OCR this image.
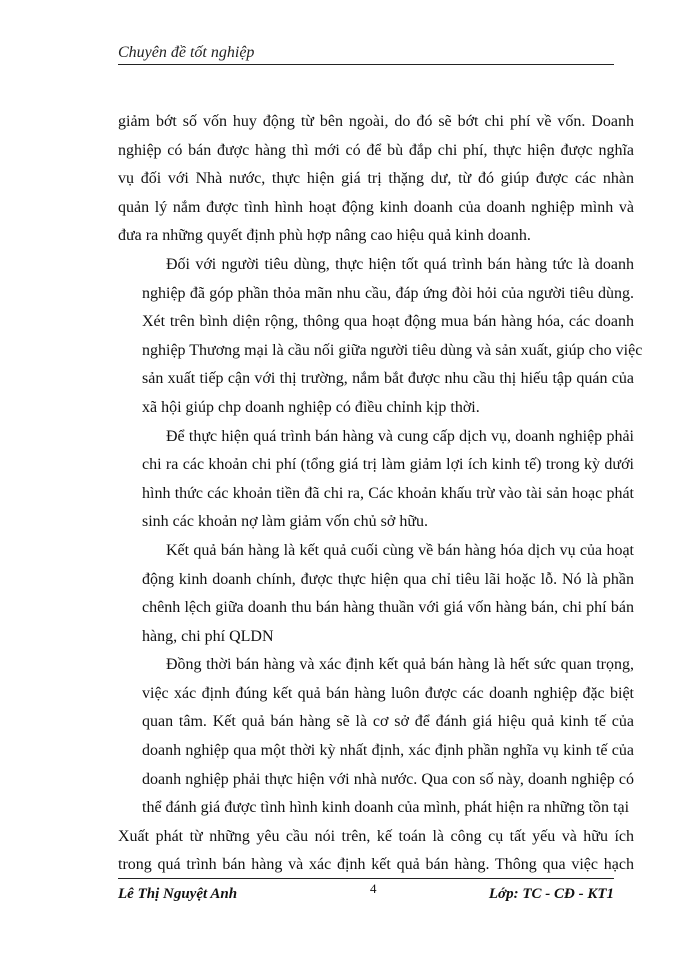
Chuyên đề tốt nghiệp

giảm bớt số vốn huy động từ bên ngoài, do đó sẽ bớt chi phí về vốn. Doanh
nghiệp có bán được hàng thì mới có để bù đắp chi phí, thực hiện được nghĩa
vụ đối với Nhà nước, thực hiện giá trị thặng dư, từ đó giúp được các nhàn
quản lý nắm được tình hình hoạt động kinh doanh của doanh nghiệp mình và
đưa ra những quyết định phù hợp nâng cao hiệu quả kinh doanh.

Đối với người tiêu dùng, thực hiện tốt quá trình bán hàng tức là doanh
nghiệp đã góp phần thỏa mãn nhu cầu, đáp ứng đòi hỏi của người tiêu dùng.
Xét trên bình diện rộng, thông qua hoạt động mua bán hàng hóa, các doanh
nghiệp Thương mại là cầu nối giữa người tiêu dùng và sản xuất, giúp cho việc
sản xuất tiếp cận với thị trường, nắm bắt được nhu cầu thị hiếu tập quán của
xã hội giúp chp doanh nghiệp có điều chỉnh kịp thời.

Để thực hiện quá trình bán hàng và cung cấp dịch vụ, doanh nghiệp phải
chi ra các khoản chi phí (tổng giá trị làm giảm lợi ích kinh tế) trong kỳ dưới
hình thức các khoản tiền đã chi ra, Các khoản khấu trừ vào tài sản hoạc phát
sinh các khoản nợ làm giảm vốn chủ sở hữu.

Kết quả bán hàng là kết quả cuối cùng về bán hàng hóa dịch vụ của hoạt
động kinh doanh chính, được thực hiện qua chỉ tiêu lãi hoặc lỗ. Nó là phần
chênh lệch giữa doanh thu bán hàng thuần với giá vốn hàng bán, chi phí bán
hàng, chi phí QLDN

Đồng thời bán hàng và xác định kết quả bán hàng là hết sức quan trọng,
việc xác định đúng kết quả bán hàng luôn được các doanh nghiệp đặc biệt
quan tâm. Kết quả bán hàng sẽ là cơ sở để đánh giá hiệu quả kinh tế của
doanh nghiệp qua một thời kỳ nhất định, xác định phần nghĩa vụ kinh tế của
doanh nghiệp phải thực hiện với nhà nước. Qua con số này, doanh nghiệp có
thể đánh giá được tình hình kinh doanh của mình, phát hiện ra những tồn tại

Xuất phát từ những yêu cầu nói trên, kế toán là công cụ tất yếu và hữu ích
trong quá trình bán hàng và xác định kết quả bán hàng. Thông qua việc hạch

Lê Thị Nguyệt Anh	4	Lớp: TC - CĐ - KT1
